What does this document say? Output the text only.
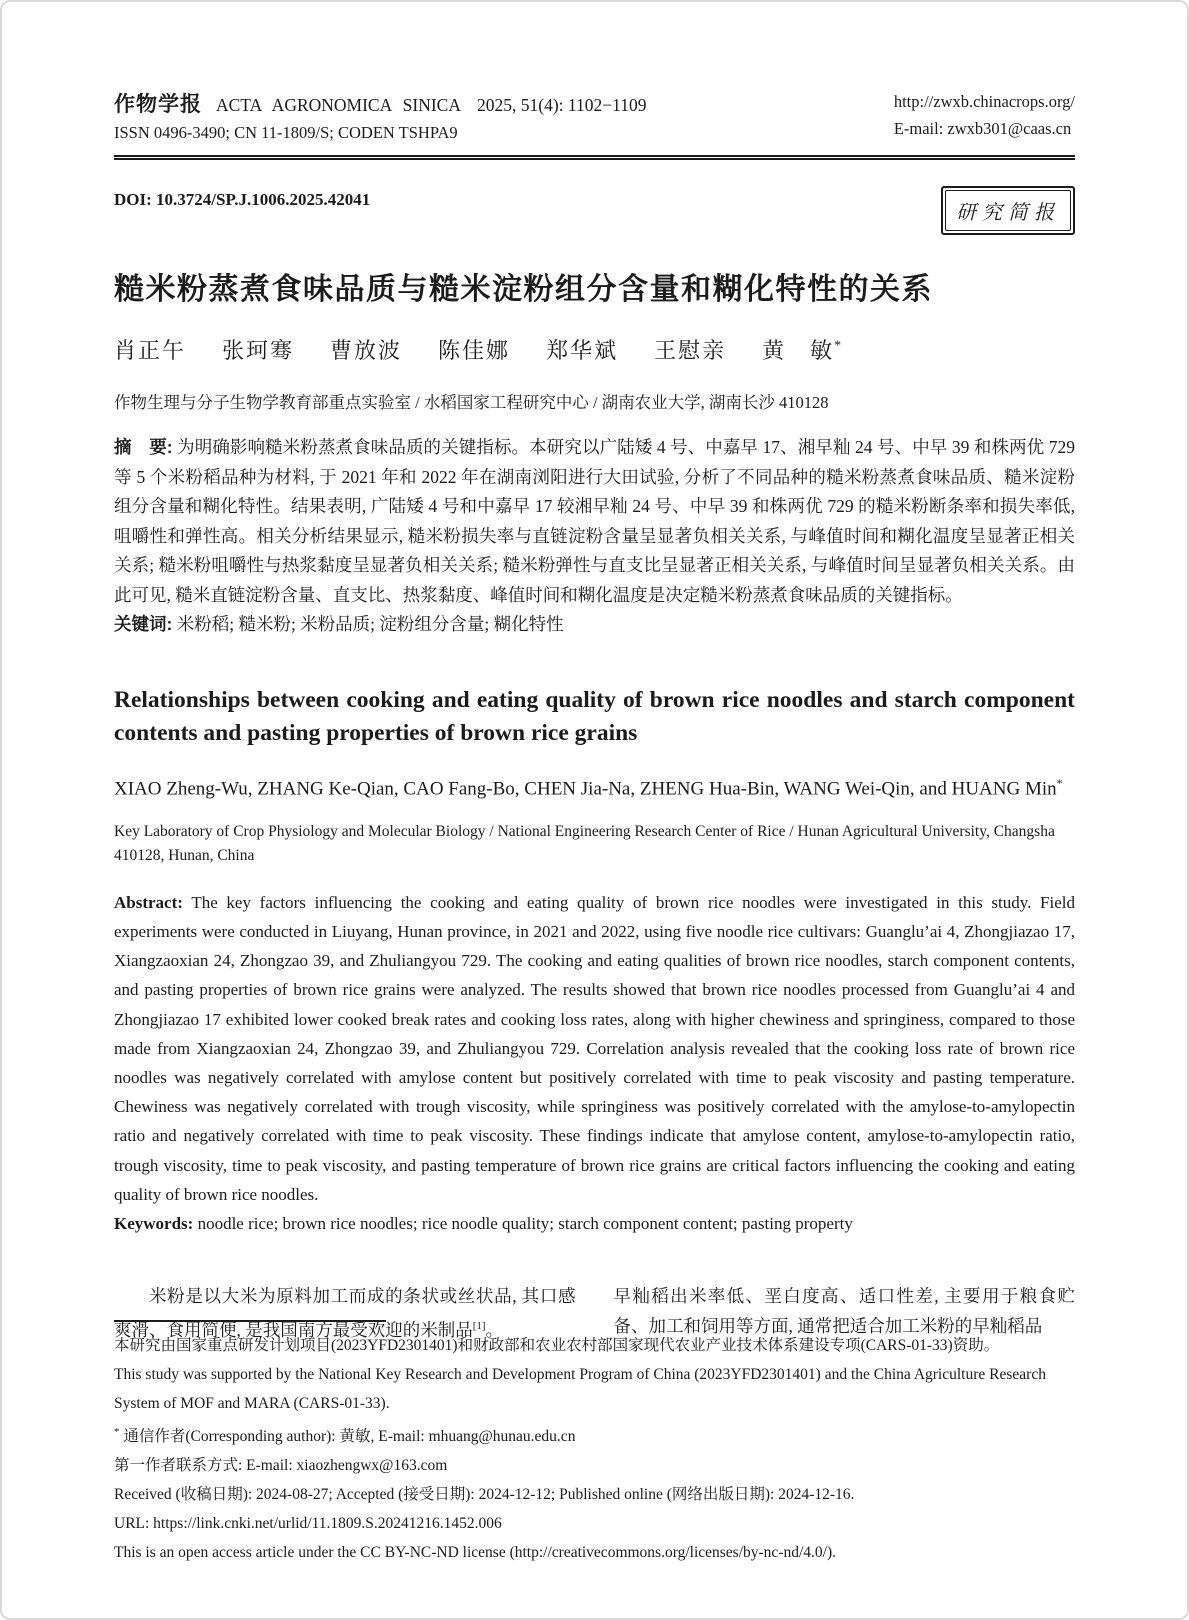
作物学报 ACTA AGRONOMICA SINICA 2025, 51(4): 1102−1109
ISSN 0496-3490; CN 11-1809/S; CODEN TSHPA9
http://zwxb.chinacrops.org/
E-mail: zwxb301@caas.cn
DOI: 10.3724/SP.J.1006.2025.42041
研究简报
糙米粉蒸煮食味品质与糙米淀粉组分含量和糊化特性的关系
肖正午 张珂骞 曹放波 陈佳娜 郑华斌 王慰亲 黄　敏*
作物生理与分子生物学教育部重点实验室 / 水稻国家工程研究中心 / 湖南农业大学, 湖南长沙 410128

摘　要: 为明确影响糙米粉蒸煮食味品质的关键指标。本研究以广陆矮 4 号、中嘉早 17、湘早籼 24 号、中早 39 和株两优 729 等 5 个米粉稻品种为材料, 于 2021 年和 2022 年在湖南浏阳进行大田试验, 分析了不同品种的糙米粉蒸煮食味品质、糙米淀粉组分含量和糊化特性。结果表明, 广陆矮 4 号和中嘉早 17 较湘早籼 24 号、中早 39 和株两优 729 的糙米粉断条率和损失率低, 咀嚼性和弹性高。相关分析结果显示, 糙米粉损失率与直链淀粉含量呈显著负相关关系, 与峰值时间和糊化温度呈显著正相关关系; 糙米粉咀嚼性与热浆黏度呈显著负相关关系; 糙米粉弹性与直支比呈显著正相关关系, 与峰值时间呈显著负相关关系。由此可见, 糙米直链淀粉含量、直支比、热浆黏度、峰值时间和糊化温度是决定糙米粉蒸煮食味品质的关键指标。

关键词: 米粉稻; 糙米粉; 米粉品质; 淀粉组分含量; 糊化特性

Relationships between cooking and eating quality of brown rice noodles and starch component contents and pasting properties of brown rice grains
XIAO Zheng-Wu, ZHANG Ke-Qian, CAO Fang-Bo, CHEN Jia-Na, ZHENG Hua-Bin, WANG Wei-Qin, and HUANG Min*
Key Laboratory of Crop Physiology and Molecular Biology / National Engineering Research Center of Rice / Hunan Agricultural University, Changsha 410128, Hunan, China

Abstract: The key factors influencing the cooking and eating quality of brown rice noodles were investigated in this study. Field experiments were conducted in Liuyang, Hunan province, in 2021 and 2022, using five noodle rice cultivars: Guanglu’ai 4, Zhongjiazao 17, Xiangzaoxian 24, Zhongzao 39, and Zhuliangyou 729. The cooking and eating qualities of brown rice noodles, starch component contents, and pasting properties of brown rice grains were analyzed. The results showed that brown rice noodles processed from Guanglu’ai 4 and Zhongjiazao 17 exhibited lower cooked break rates and cooking loss rates, along with higher chewiness and springiness, compared to those made from Xiangzaoxian 24, Zhongzao 39, and Zhuliangyou 729. Correlation analysis revealed that the cooking loss rate of brown rice noodles was negatively correlated with amylose content but positively correlated with time to peak viscosity and pasting temperature. Chewiness was negatively correlated with trough viscosity, while springiness was positively correlated with the amylose-to-amylopectin ratio and negatively correlated with time to peak viscosity. These findings indicate that amylose content, amylose-to-amylopectin ratio, trough viscosity, time to peak viscosity, and pasting temperature of brown rice grains are critical factors influencing the cooking and eating quality of brown rice noodles.

Keywords: noodle rice; brown rice noodles; rice noodle quality; starch component content; pasting property

米粉是以大米为原料加工而成的条状或丝状品, 其口感爽滑、食用简便, 是我国南方最受欢迎的米制品[1]。

早籼稻出米率低、垩白度高、适口性差, 主要用于粮食贮备、加工和饲用等方面, 通常把适合加工米粉的早籼稻品

本研究由国家重点研发计划项目(2023YFD2301401)和财政部和农业农村部国家现代农业产业技术体系建设专项(CARS-01-33)资助。

This study was supported by the National Key Research and Development Program of China (2023YFD2301401) and the China Agriculture Research System of MOF and MARA (CARS-01-33).

* 通信作者(Corresponding author): 黄敏, E-mail: mhuang@hunau.edu.cn

第一作者联系方式: E-mail: xiaozhengwx@163.com

Received (收稿日期): 2024-08-27; Accepted (接受日期): 2024-12-12; Published online (网络出版日期): 2024-12-16.

URL: https://link.cnki.net/urlid/11.1809.S.20241216.1452.006

This is an open access article under the CC BY-NC-ND license (http://creativecommons.org/licenses/by-nc-nd/4.0/).
